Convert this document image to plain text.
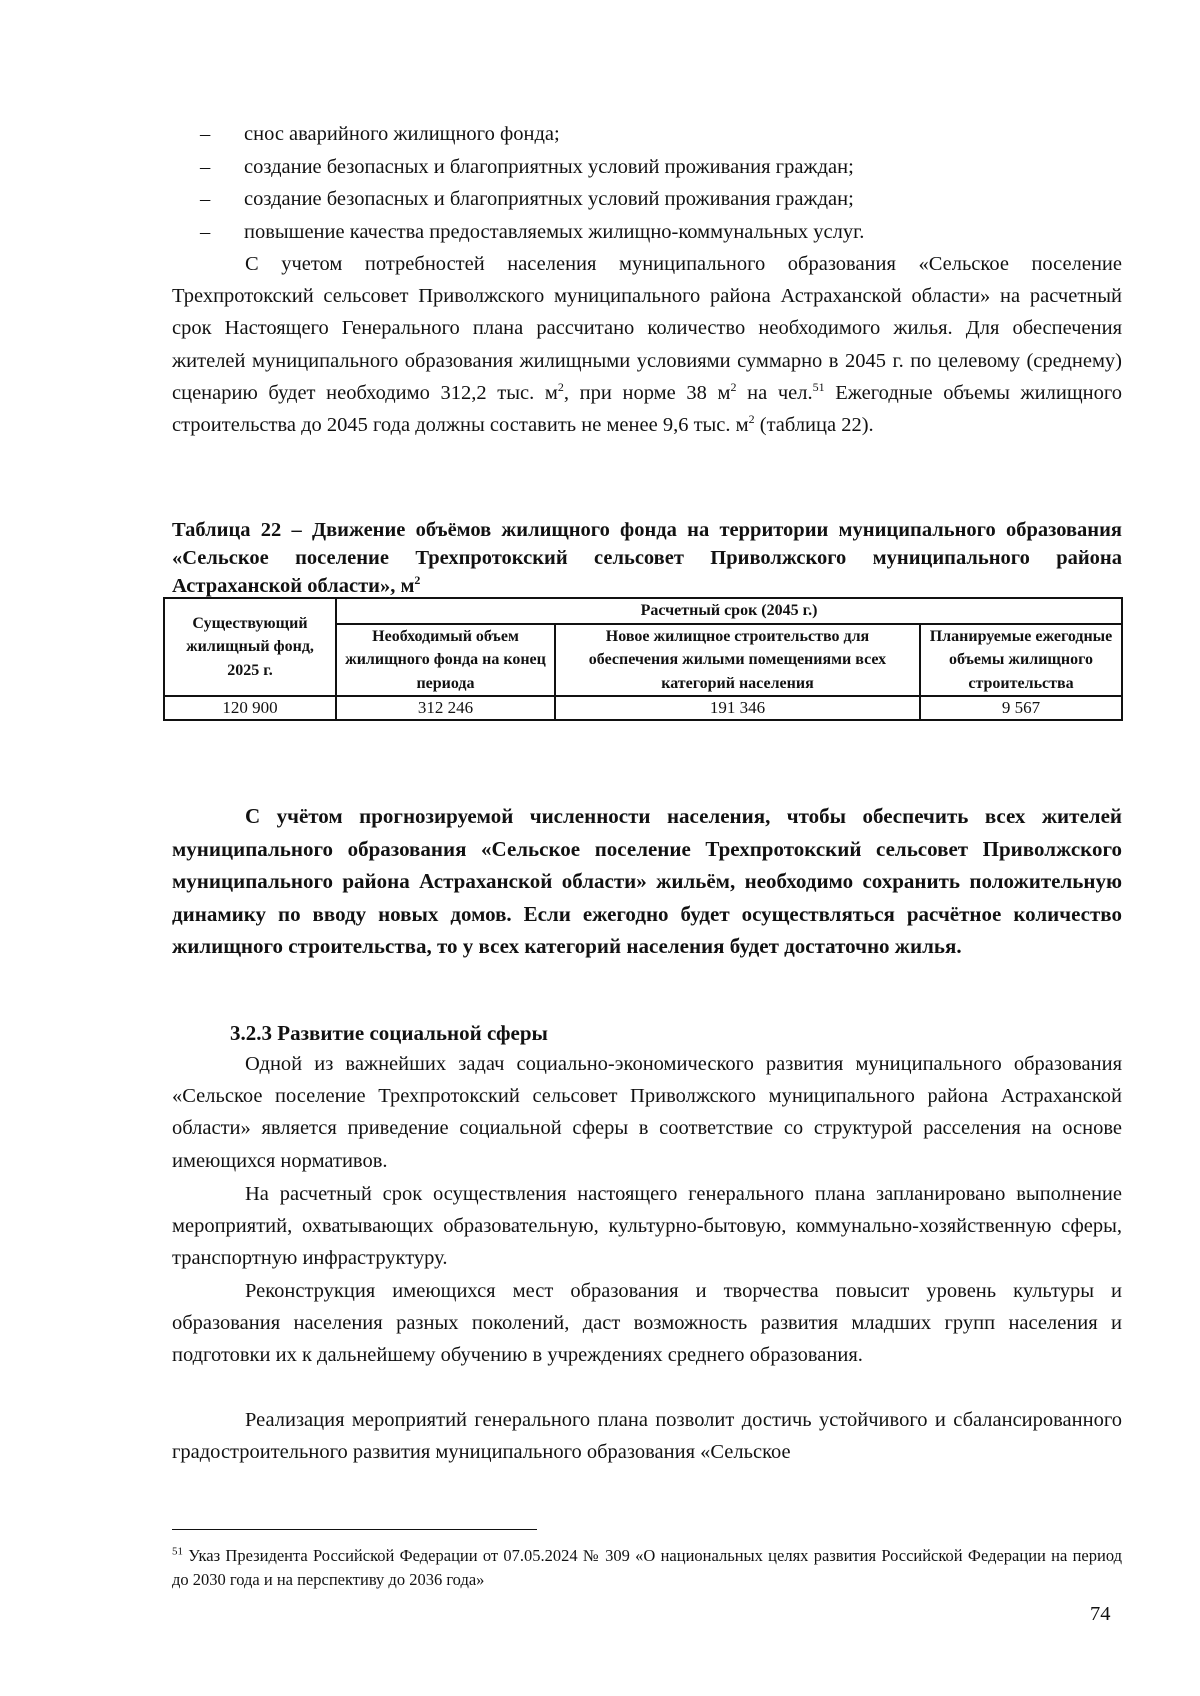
– снос аварийного жилищного фонда;
– создание безопасных и благоприятных условий проживания граждан;
– создание безопасных и благоприятных условий проживания граждан;
– повышение качества предоставляемых жилищно-коммунальных услуг.

С учетом потребностей населения муниципального образования «Сельское поселение Трехпротокский сельсовет Приволжского муниципального района Астраханской области» на расчетный срок Настоящего Генерального плана рассчитано количество необходимого жилья. Для обеспечения жителей муниципального образования жилищными условиями суммарно в 2045 г. по целевому (среднему) сценарию будет необходимо 312,2 тыс. $м^2$, при норме 38 $м^2$ на чел.$^{51}$ Ежегодные объемы жилищного строительства до 2045 года должны составить не менее 9,6 тыс. $м^2$ (таблица 22).

Таблица 22 – Движение объёмов жилищного фонда на территории муниципального образования «Сельское поселение Трехпротокский сельсовет Приволжского муниципального района Астраханской области», $м^2$

Существующий жилищный фонд, 2025 г.	Расчетный срок (2045 г.)		
	Необходимый объем жилищного фонда на конец периода	Новое жилищное строительство для обеспечения жилыми помещениями всех категорий населения	Планируемые ежегодные объемы жилищного строительства
120 900	312 246	191 346	9 567

С учётом прогнозируемой численности населения, чтобы обеспечить всех жителей муниципального образования «Сельское поселение Трехпротокский сельсовет Приволжского муниципального района Астраханской области» жильём, необходимо сохранить положительную динамику по вводу новых домов. Если ежегодно будет осуществляться расчётное количество жилищного строительства, то у всех категорий населения будет достаточно жилья.

3.2.3 Развитие социальной сферы

Одной из важнейших задач социально-экономического развития муниципального образования «Сельское поселение Трехпротокский сельсовет Приволжского муниципального района Астраханской области» является приведение социальной сферы в соответствие со структурой расселения на основе имеющихся нормативов.

На расчетный срок осуществления настоящего генерального плана запланировано выполнение мероприятий, охватывающих образовательную, культурно-бытовую, коммунально-хозяйственную сферы, транспортную инфраструктуру.

Реконструкция имеющихся мест образования и творчества повысит уровень культуры и образования населения разных поколений, даст возможность развития младших групп населения и подготовки их к дальнейшему обучению в учреждениях среднего образования.

Реализация мероприятий генерального плана позволит достичь устойчивого и сбалансированного градостроительного развития муниципального образования «Сельское

$^{51}$ Указ Президента Российской Федерации от 07.05.2024 № 309 «О национальных целях развития Российской Федерации на период до 2030 года и на перспективу до 2036 года»

74
